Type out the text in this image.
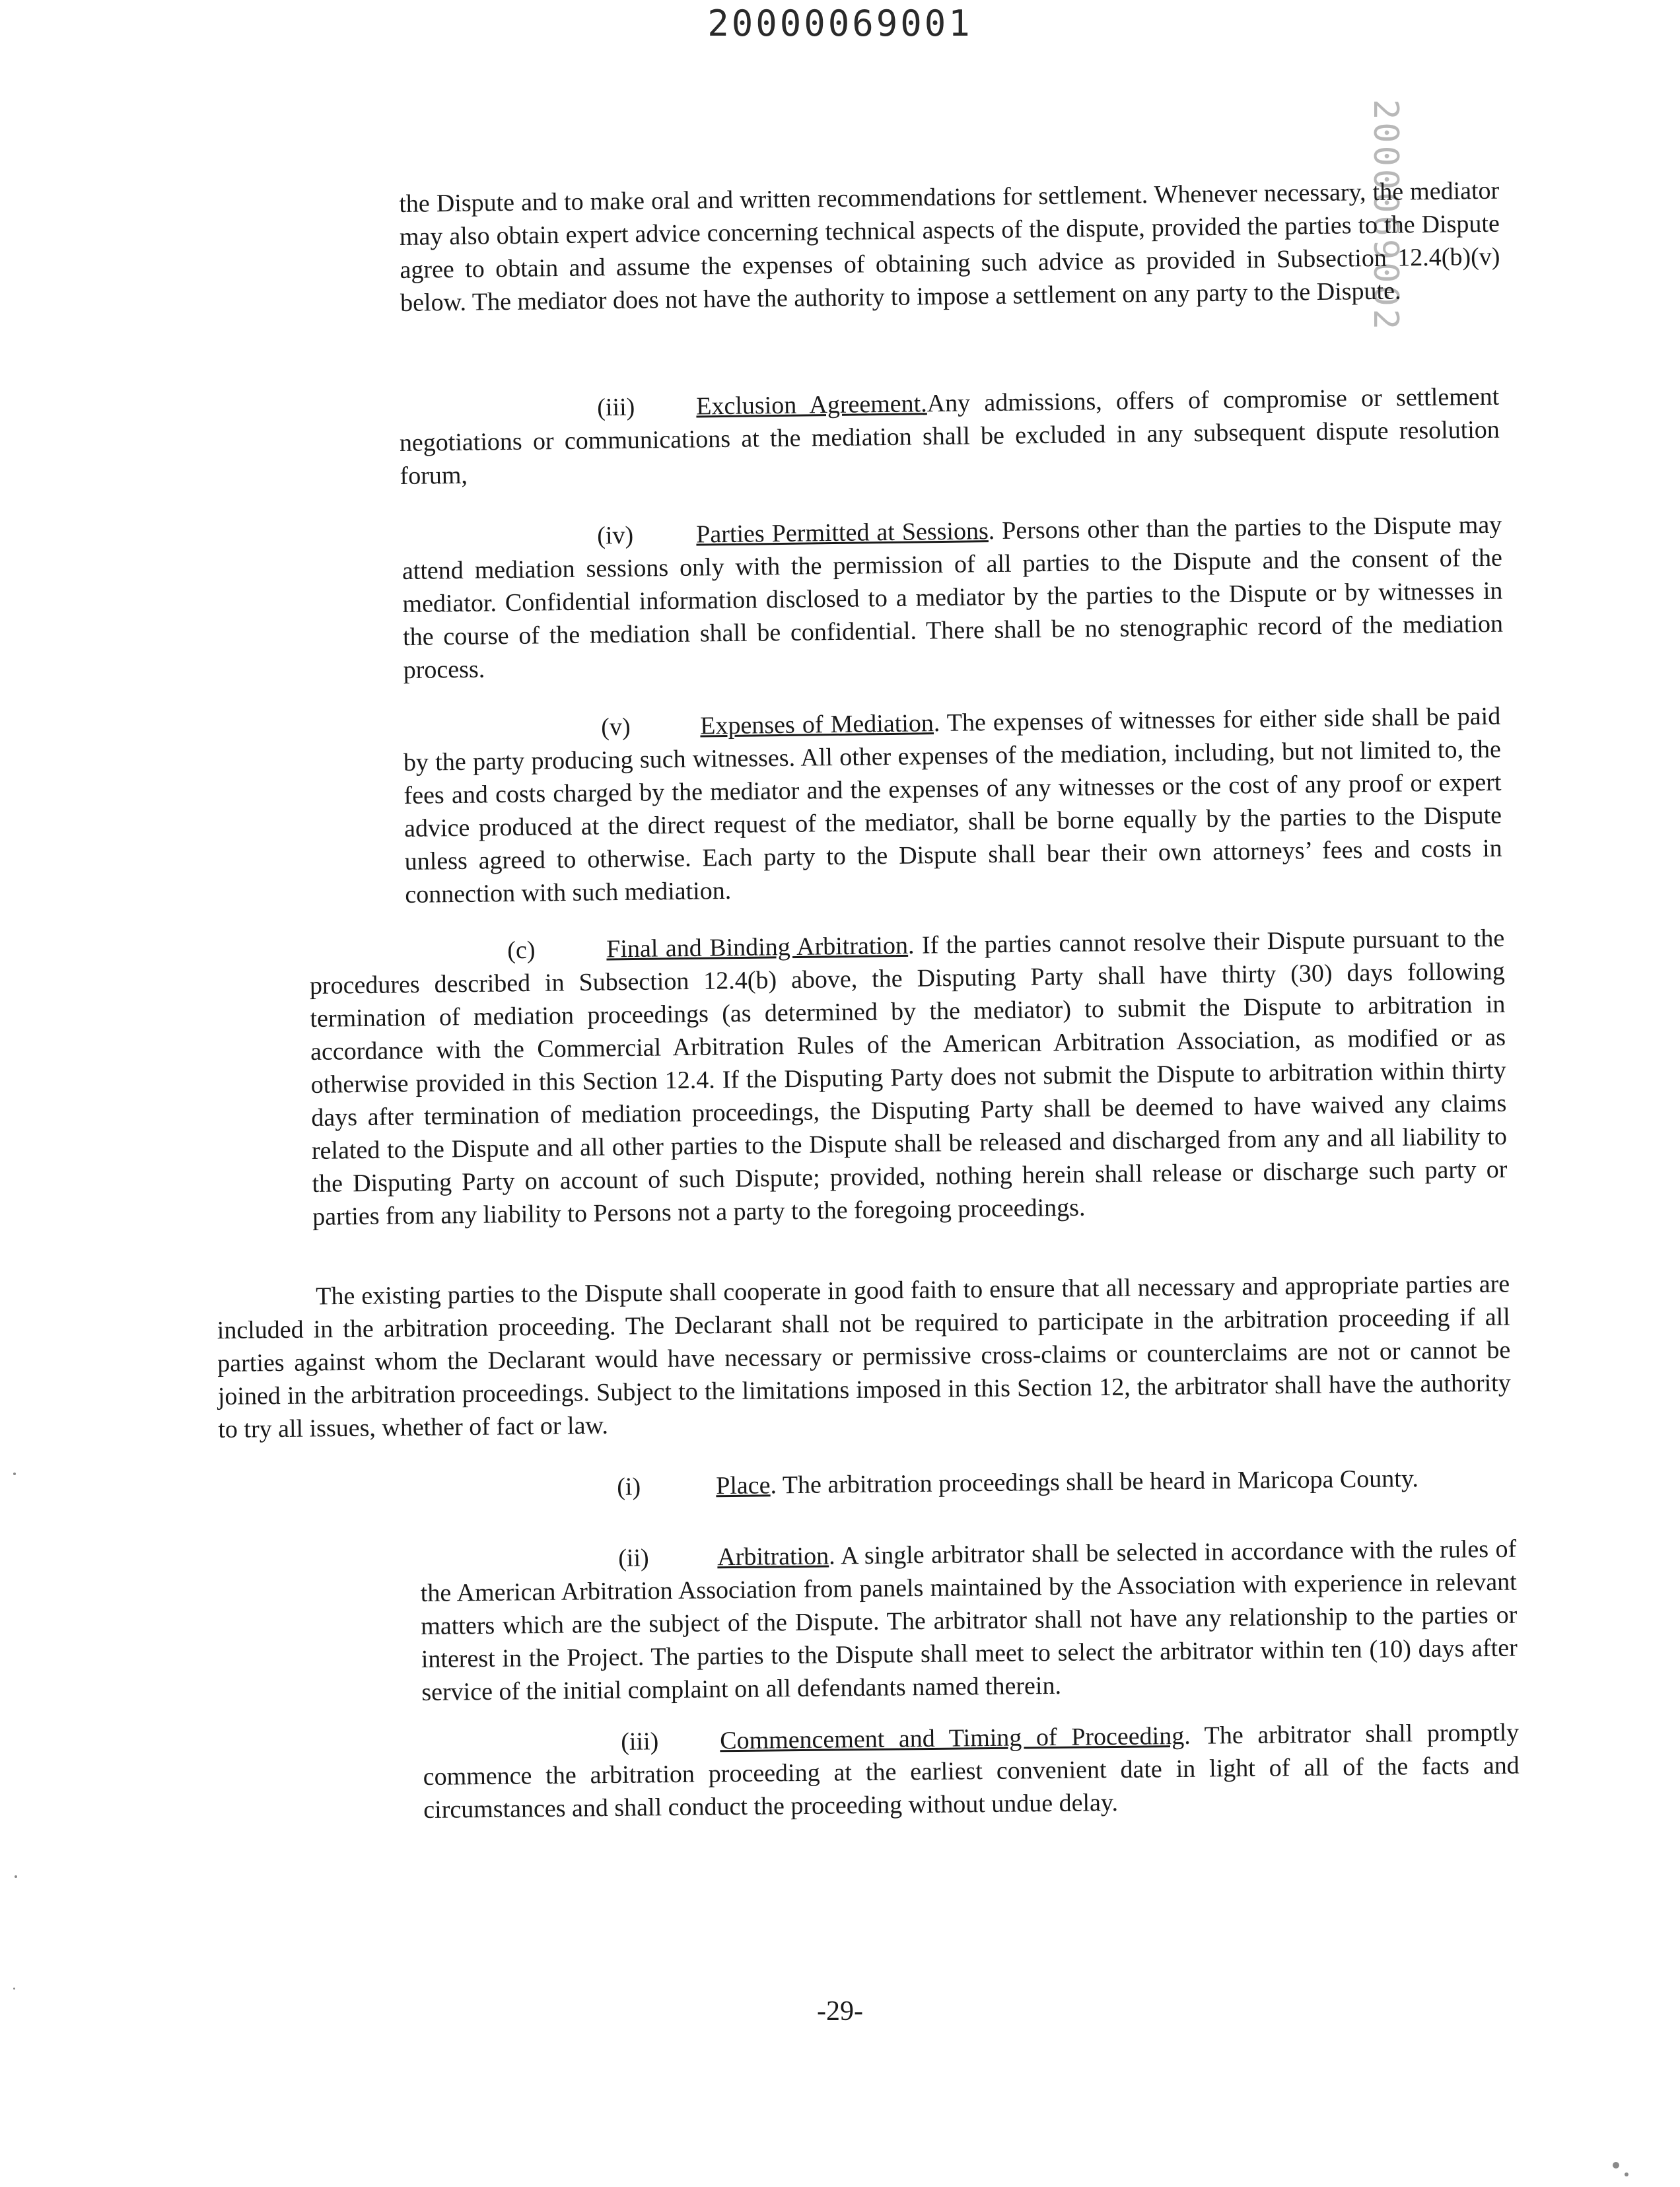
20000069001
2000069002

the Dispute and to make oral and written recommendations for settlement. Whenever necessary, the mediator may also obtain expert advice concerning technical aspects of the dispute, provided the parties to the Dispute agree to obtain and assume the expenses of obtaining such advice as provided in Subsection 12.4(b)(v) below. The mediator does not have the authority to impose a settlement on any party to the Dispute.

(iii) Exclusion Agreement.Any admissions, offers of compromise or settlement negotiations or communications at the mediation shall be excluded in any subsequent dispute resolution forum,

(iv) Parties Permitted at Sessions. Persons other than the parties to the Dispute may attend mediation sessions only with the permission of all parties to the Dispute and the consent of the mediator. Confidential information disclosed to a mediator by the parties to the Dispute or by witnesses in the course of the mediation shall be confidential. There shall be no stenographic record of the mediation process.

(v)	Expenses of Mediation. The expenses of witnesses for either side shall be paid by the party producing such witnesses. All other expenses of the mediation, including, but not limited to, the fees and costs charged by the mediator and the expenses of any witnesses or the cost of any proof or expert advice produced at the direct request of the mediator, shall be borne equally by the parties to the Dispute unless agreed to otherwise. Each party to the Dispute shall bear their own attorneys’ fees and costs in connection with such mediation.

(c)	Final and Binding Arbitration. If the parties cannot resolve their Dispute pursuant to the procedures described in Subsection 12.4(b) above, the Disputing Party shall have thirty (30) days following termination of mediation proceedings (as determined by the mediator) to submit the Dispute to arbitration in accordance with the Commercial Arbitration Rules of the American Arbitration Association, as modified or as otherwise provided in this Section 12.4. If the Disputing Party does not submit the Dispute to arbitration within thirty days after termination of mediation proceedings, the Disputing Party shall be deemed to have waived any claims related to the Dispute and all other parties to the Dispute shall be released and discharged from any and all liability to the Disputing Party on account of such Dispute; provided, nothing herein shall release or discharge such party or parties from any liability to Persons not a party to the foregoing proceedings.

The existing parties to the Dispute shall cooperate in good faith to ensure that all necessary and appropriate parties are included in the arbitration proceeding. The Declarant shall not be required to participate in the arbitration proceeding if all parties against whom the Declarant would have necessary or permissive cross-claims or counterclaims are not or cannot be joined in the arbitration proceedings. Subject to the limitations imposed in this Section 12, the arbitrator shall have the authority to try all issues, whether of fact or law.

(i)	Place. The arbitration proceedings shall be heard in Maricopa County.

(ii)	Arbitration. A single arbitrator shall be selected in accordance with the rules of the American Arbitration Association from panels maintained by the Association with experience in relevant matters which are the subject of the Dispute. The arbitrator shall not have any relationship to the parties or interest in the Project. The parties to the Dispute shall meet to select the arbitrator within ten (10) days after service of the initial complaint on all defendants named therein.

(iii) Commencement and Timing of Proceeding. The arbitrator shall promptly commence the arbitration proceeding at the earliest convenient date in light of all of the facts and circumstances and shall conduct the proceeding without undue delay.

-29-
